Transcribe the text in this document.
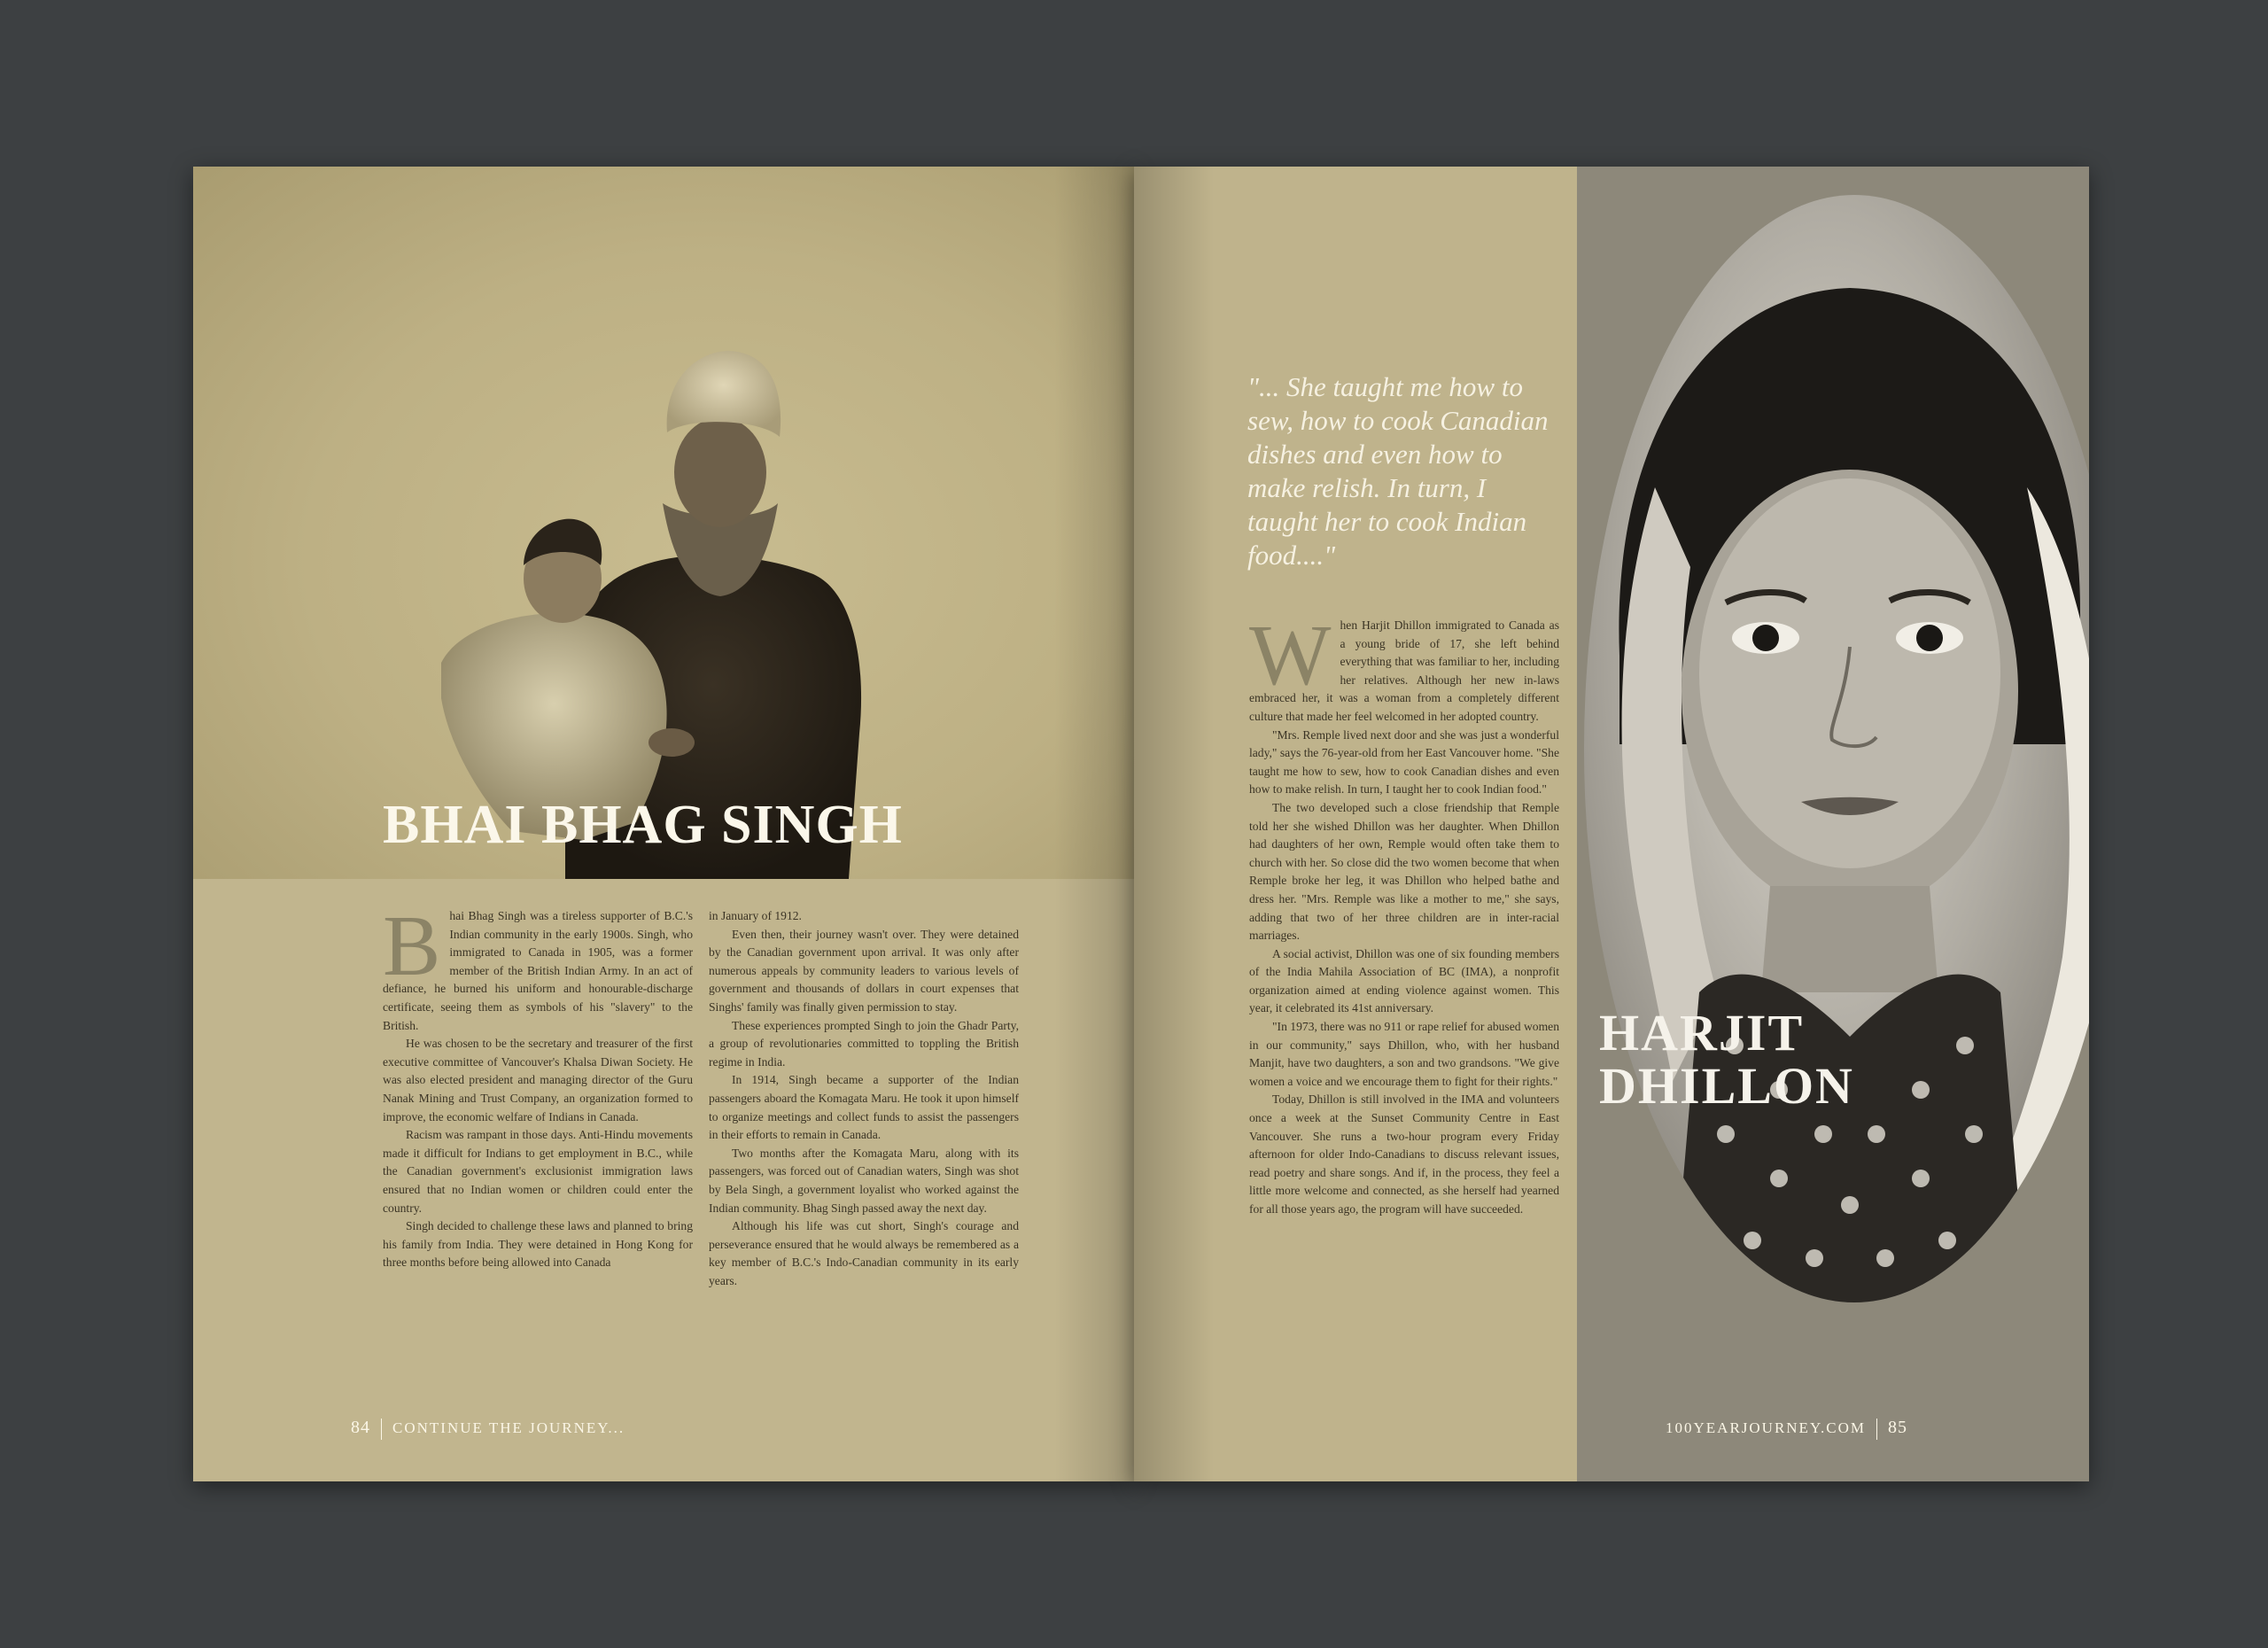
BHAI BHAG SINGH

Bhai Bhag Singh was a tireless supporter of B.C.'s Indian community in the early 1900s. Singh, who immigrated to Canada in 1905, was a former member of the British Indian Army. In an act of defiance, he burned his uniform and honourable-discharge certificate, seeing them as symbols of his "slavery" to the British.

He was chosen to be the secretary and treasurer of the first executive committee of Vancouver's Khalsa Diwan Society. He was also elected president and managing director of the Guru Nanak Mining and Trust Company, an organization formed to improve, the economic welfare of Indians in Canada.

Racism was rampant in those days. Anti-Hindu movements made it difficult for Indians to get employment in B.C., while the Canadian government's exclusionist immigration laws ensured that no Indian women or children could enter the country.

Singh decided to challenge these laws and planned to bring his family from India. They were detained in Hong Kong for three months before being allowed into Canada

in January of 1912.

Even then, their journey wasn't over. They were detained by the Canadian government upon arrival. It was only after numerous appeals by community leaders to various levels of government and thousands of dollars in court expenses that Singhs' family was finally given permission to stay.

These experiences prompted Singh to join the Ghadr Party, a group of revolutionaries committed to toppling the British regime in India.

In 1914, Singh became a supporter of the Indian passengers aboard the Komagata Maru. He took it upon himself to organize meetings and collect funds to assist the passengers in their efforts to remain in Canada.

Two months after the Komagata Maru, along with its passengers, was forced out of Canadian waters, Singh was shot by Bela Singh, a government loyalist who worked against the Indian community. Bhag Singh passed away the next day.

Although his life was cut short, Singh's courage and perseverance ensured that he would always be remembered as a key member of B.C.'s Indo-Canadian community in its early years.

84 CONTINUE THE JOURNEY...
HARJIT
DHILLON
"... She taught me how to sew, how to cook Canadian dishes and even how to make relish. In turn, I taught her to cook Indian food...."

When Harjit Dhillon immigrated to Canada as a young bride of 17, she left behind everything that was familiar to her, including her relatives. Although her new in-laws embraced her, it was a woman from a completely different culture that made her feel welcomed in her adopted country.

"Mrs. Remple lived next door and she was just a wonderful lady," says the 76-year-old from her East Vancouver home. "She taught me how to sew, how to cook Canadian dishes and even how to make relish. In turn, I taught her to cook Indian food."

The two developed such a close friendship that Remple told her she wished Dhillon was her daughter. When Dhillon had daughters of her own, Remple would often take them to church with her. So close did the two women become that when Remple broke her leg, it was Dhillon who helped bathe and dress her. "Mrs. Remple was like a mother to me," she says, adding that two of her three children are in inter-racial marriages.

A social activist, Dhillon was one of six founding members of the India Mahila Association of BC (IMA), a nonprofit organization aimed at ending violence against women. This year, it celebrated its 41st anniversary.

"In 1973, there was no 911 or rape relief for abused women in our community," says Dhillon, who, with her husband Manjit, have two daughters, a son and two grandsons. "We give women a voice and we encourage them to fight for their rights."

Today, Dhillon is still involved in the IMA and volunteers once a week at the Sunset Community Centre in East Vancouver. She runs a two-hour program every Friday afternoon for older Indo-Canadians to discuss relevant issues, read poetry and share songs. And if, in the process, they feel a little more welcome and connected, as she herself had yearned for all those years ago, the program will have succeeded.

100YEARJOURNEY.COM 85
